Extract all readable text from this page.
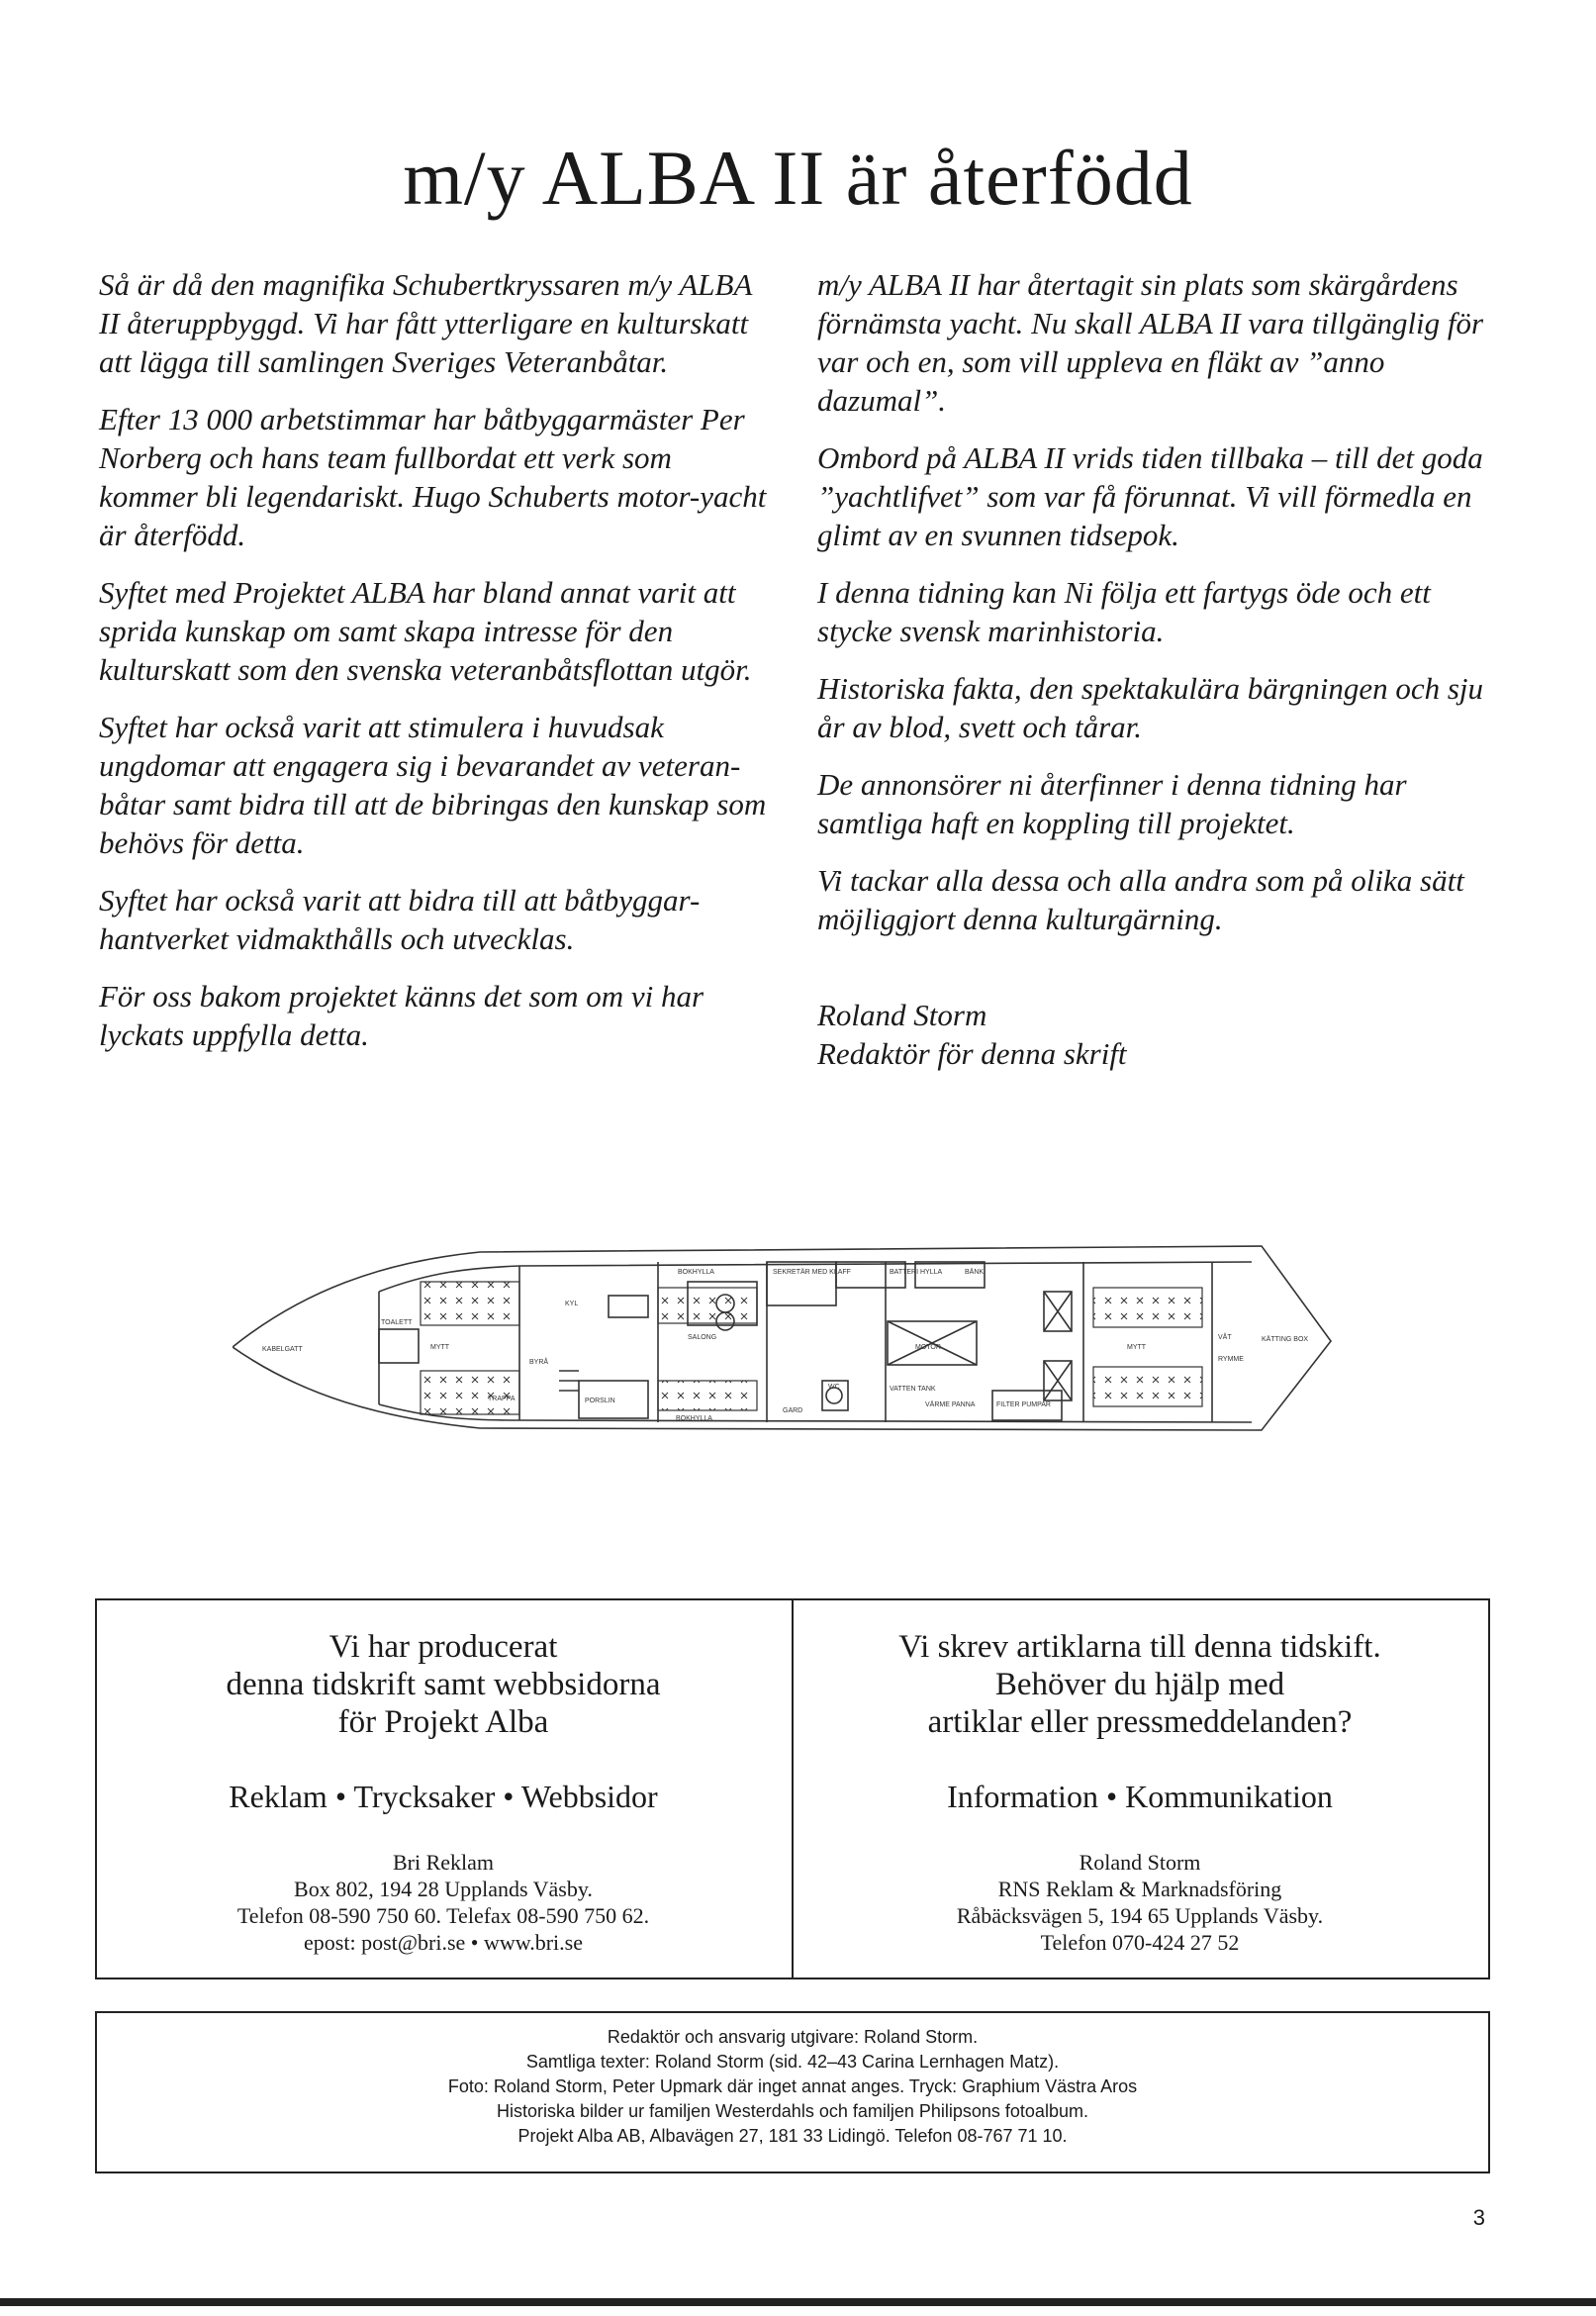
m/y ALBA II är återfödd

Så är då den magnifika Schubertkryssaren m/y ALBA II återuppbyggd. Vi har fått ytterligare en kulturskatt att lägga till samlingen Sveriges Veteranbåtar.

Efter 13 000 arbetstimmar har båtbyggarmäster Per Norberg och hans team fullbordat ett verk som kommer bli legendariskt. Hugo Schuberts motor-yacht är återfödd.

Syftet med Projektet ALBA har bland annat varit att sprida kunskap om samt skapa intresse för den kulturskatt som den svenska veteranbåtsflottan utgör.

Syftet har också varit att stimulera i huvudsak ungdomar att engagera sig i bevarandet av veteran-båtar samt bidra till att de bibringas den kunskap som behövs för detta.

Syftet har också varit att bidra till att båtbyggar-hantverket vidmakthålls och utvecklas.

För oss bakom projektet känns det som om vi har lyckats uppfylla detta.

m/y ALBA II har återtagit sin plats som skärgårdens förnämsta yacht. Nu skall ALBA II vara tillgänglig för var och en, som vill uppleva en fläkt av ”anno dazumal”.

Ombord på ALBA II vrids tiden tillbaka – till det goda ”yachtlifvet” som var få förunnat. Vi vill förmedla en glimt av en svunnen tidsepok.

I denna tidning kan Ni följa ett fartygs öde och ett stycke svensk marinhistoria.

Historiska fakta, den spektakulära bärgningen och sju år av blod, svett och tårar.

De annonsörer ni återfinner i denna tidning har samtliga haft en koppling till projektet.

Vi tackar alla dessa och alla andra som på olika sätt möjliggjort denna kulturgärning.

Roland Storm
Redaktör för denna skrift

KABELGATT
TOALETT
MYTT
BYRÅ
TRAPPA	PORSLIN
KYL
SALONG
BOKHYLLA
BOKHYLLA
SEKRETÄR MED KLAFF	BATTERI HYLLA	BÄNK
MOTOR
WC
GARD
VATTEN TANK
VÄRME PANNA	FILTER PUMPAR
MYTT
VÅT
RYMME
KÄTTING BOX
Vi har producerat
denna tidskrift samt webbsidorna
för Projekt Alba
Reklam • Trycksaker • Webbsidor
Bri Reklam
Box 802, 194 28 Upplands Väsby.
Telefon 08-590 750 60. Telefax 08-590 750 62.
epost: post@bri.se • www.bri.se
Vi skrev artiklarna till denna tidskift.
Behöver du hjälp med
artiklar eller pressmeddelanden?
Information • Kommunikation
Roland Storm
RNS Reklam & Marknadsföring
Råbäcksvägen 5, 194 65 Upplands Väsby.
Telefon 070-424 27 52
Redaktör och ansvarig utgivare: Roland Storm.
Samtliga texter: Roland Storm (sid. 42–43 Carina Lernhagen Matz).
Foto: Roland Storm, Peter Upmark där inget annat anges. Tryck: Graphium Västra Aros
Historiska bilder ur familjen Westerdahls och familjen Philipsons fotoalbum.
Projekt Alba AB, Albavägen 27, 181 33 Lidingö. Telefon 08-767 71 10.
3
